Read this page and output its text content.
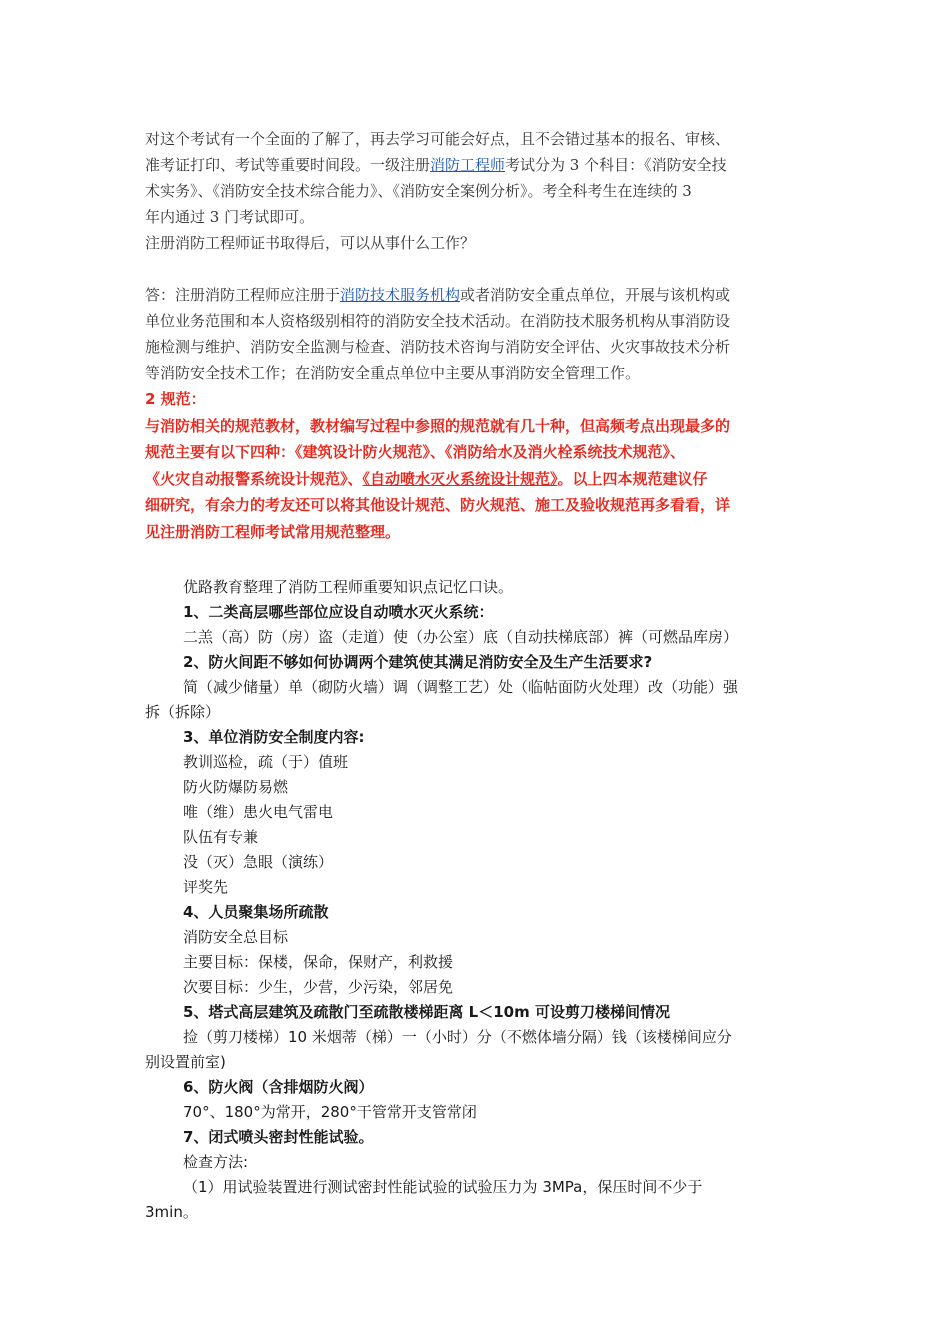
对这个考试有一个全面的了解了，再去学习可能会好点，且不会错过基本的报名、审核、
准考证打印、考试等重要时间段。一级注册消防工程师考试分为 3 个科目：《消防安全技
术实务》、《消防安全技术综合能力》、《消防安全案例分析》。考全科考生在连续的 3
年内通过 3 门考试即可。

注册消防工程师证书取得后，可以从事什么工作？

答：注册消防工程师应注册于消防技术服务机构或者消防安全重点单位，开展与该机构或
单位业务范围和本人资格级别相符的消防安全技术活动。在消防技术服务机构从事消防设
施检测与维护、消防安全监测与检查、消防技术咨询与消防安全评估、火灾事故技术分析
等消防安全技术工作；在消防安全重点单位中主要从事消防安全管理工作。

2 规范：
与消防相关的规范教材，教材编写过程中参照的规范就有几十种，但高频考点出现最多的
规范主要有以下四种：《建筑设计防火规范》、《消防给水及消火栓系统技术规范》、
《火灾自动报警系统设计规范》、《自动喷水灭火系统设计规范》。以上四本规范建议仔
细研究，有余力的考友还可以将其他设计规范、防火规范、施工及验收规范再多看看，详
见注册消防工程师考试常用规范整理。
优路教育整理了消防工程师重要知识点记忆口诀。
1、二类高层哪些部位应设自动喷水灭火系统：
二羔（高）防（房）盗（走道）使（办公室）底（自动扶梯底部）裤（可燃品库房）
2、防火间距不够如何协调两个建筑使其满足消防安全及生产生活要求?
简（减少储量）单（砌防火墙）调（调整工艺）处（临帖面防火处理）改（功能）强
拆（拆除）
3、单位消防安全制度内容:
教训巡检，疏（于）值班
防火防爆防易燃
唯（维）患火电气雷电
队伍有专兼
没（灭）急眼（演练）
评奖先
4、人员聚集场所疏散
消防安全总目标
主要目标：保楼，保命，保财产，利救援
次要目标：少生，少营，少污染，邻居免
5、塔式高层建筑及疏散门至疏散楼梯距离 L＜10m 可设剪刀楼梯间情况
捡（剪刀楼梯）10 米烟蒂（梯）一（小时）分（不燃体墙分隔）钱（该楼梯间应分
别设置前室)
6、防火阀（含排烟防火阀）
70°、180°为常开，280°干管常开支管常闭
7、闭式喷头密封性能试验。
检查方法:
（1）用试验装置进行测试密封性能试验的试验压力为 3MPa，保压时间不少于
3min。
